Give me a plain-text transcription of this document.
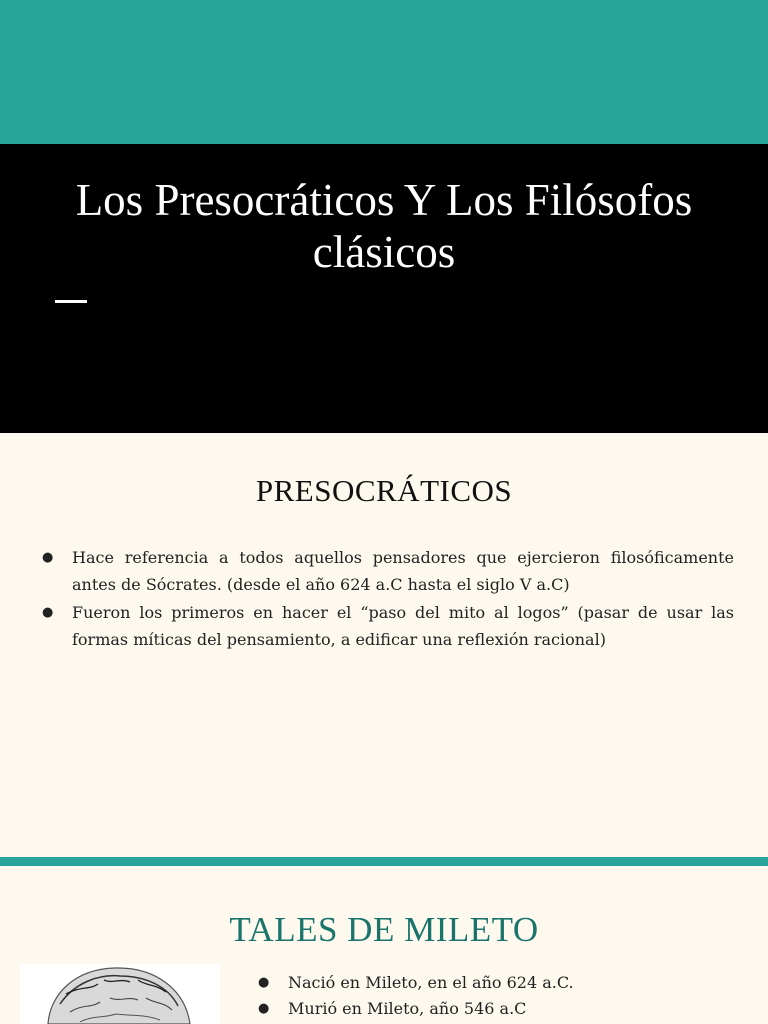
Los Presocráticos Y Los Filósofos clásicos
PRESOCRÁTICOS
● Hace referencia a todos aquellos pensadores que ejercieron filosóficamente antes de Sócrates. (desde el año 624 a.C hasta el siglo V a.C)
● Fueron los primeros en hacer el “paso del mito al logos” (pasar de usar las formas míticas del pensamiento, a edificar una reflexión racional)
TALES DE MILETO
● Nació en Mileto, en el año 624 a.C.
● Murió en Mileto, año 546 a.C
